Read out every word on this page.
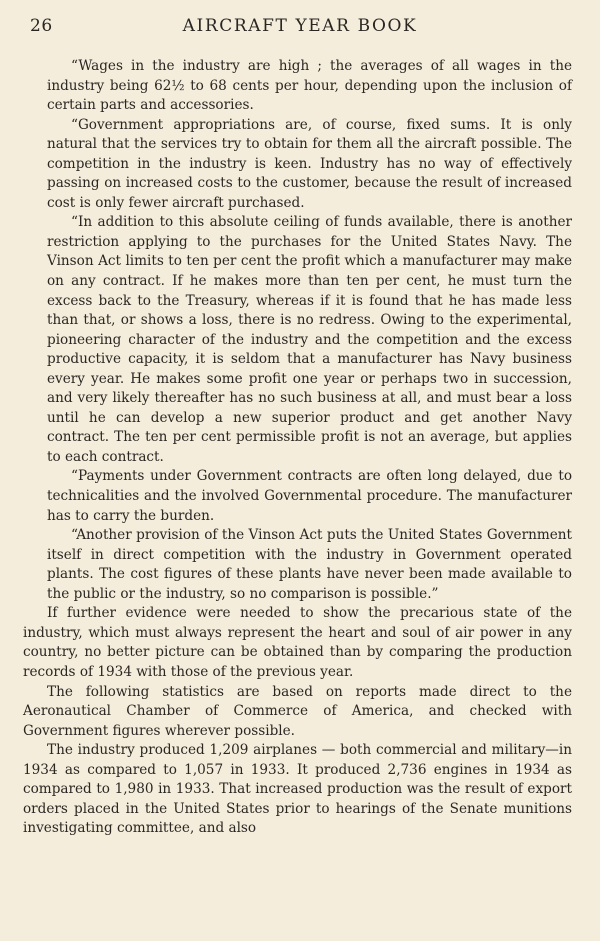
26	AIRCRAFT YEAR BOOK

“Wages in the industry are high ; the averages of all wages in the industry being 62½ to 68 cents per hour, depending upon the inclusion of certain parts and accessories.

“Government appropriations are, of course, fixed sums. It is only natural that the services try to obtain for them all the aircraft possible. The competition in the industry is keen. Industry has no way of effectively passing on increased costs to the customer, because the result of increased cost is only fewer aircraft purchased.

“In addition to this absolute ceiling of funds available, there is another restriction applying to the purchases for the United States Navy. The Vinson Act limits to ten per cent the profit which a manufacturer may make on any contract. If he makes more than ten per cent, he must turn the excess back to the Treasury, whereas if it is found that he has made less than that, or shows a loss, there is no redress. Owing to the experimental, pioneering character of the industry and the competition and the excess productive capacity, it is seldom that a manufacturer has Navy business every year. He makes some profit one year or perhaps two in succession, and very likely thereafter has no such business at all, and must bear a loss until he can develop a new superior product and get another Navy contract. The ten per cent permissible profit is not an average, but applies to each contract.

“Payments under Government contracts are often long delayed, due to technicalities and the involved Governmental procedure. The manufacturer has to carry the burden.

“Another provision of the Vinson Act puts the United States Government itself in direct competition with the industry in Government operated plants. The cost figures of these plants have never been made available to the public or the industry, so no comparison is possible.”

If further evidence were needed to show the precarious state of the industry, which must always represent the heart and soul of air power in any country, no better picture can be obtained than by comparing the production records of 1934 with those of the previous year.

The following statistics are based on reports made direct to the Aeronautical Chamber of Commerce of America, and checked with Government figures wherever possible.

The industry produced 1,209 airplanes — both commercial and military—in 1934 as compared to 1,057 in 1933. It produced 2,736 engines in 1934 as compared to 1,980 in 1933. That increased production was the result of export orders placed in the United States prior to hearings of the Senate munitions investigating committee, and also
